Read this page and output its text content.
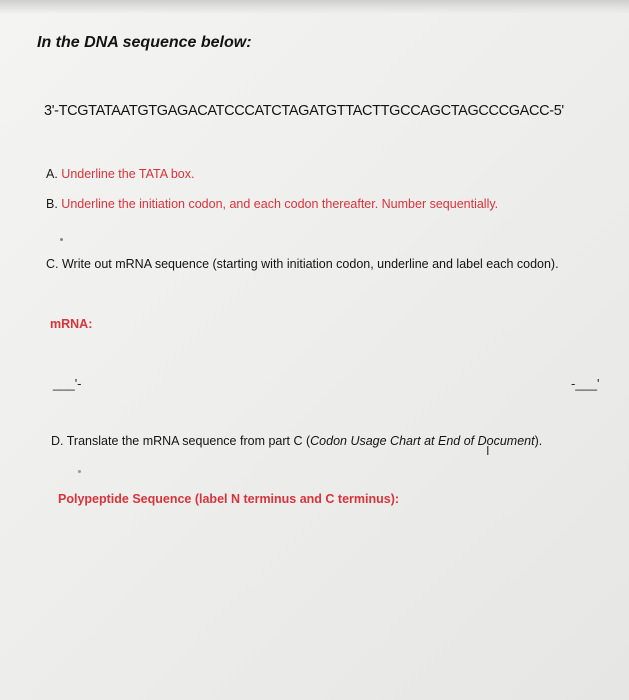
In the DNA sequence below:
3'-TCGTATAATGTGAGACATCCCATCTAGATGTTACTTGCCAGCTAGCCCGACC-5'
A. Underline the TATA box.
B. Underline the initiation codon, and each codon thereafter. Number sequentially.
C. Write out mRNA sequence (starting with initiation codon, underline and label each codon).
mRNA:
___'-	-___'
D. Translate the mRNA sequence from part C (Codon Usage Chart at End of Document).
I
Polypeptide Sequence (label N terminus and C terminus):
